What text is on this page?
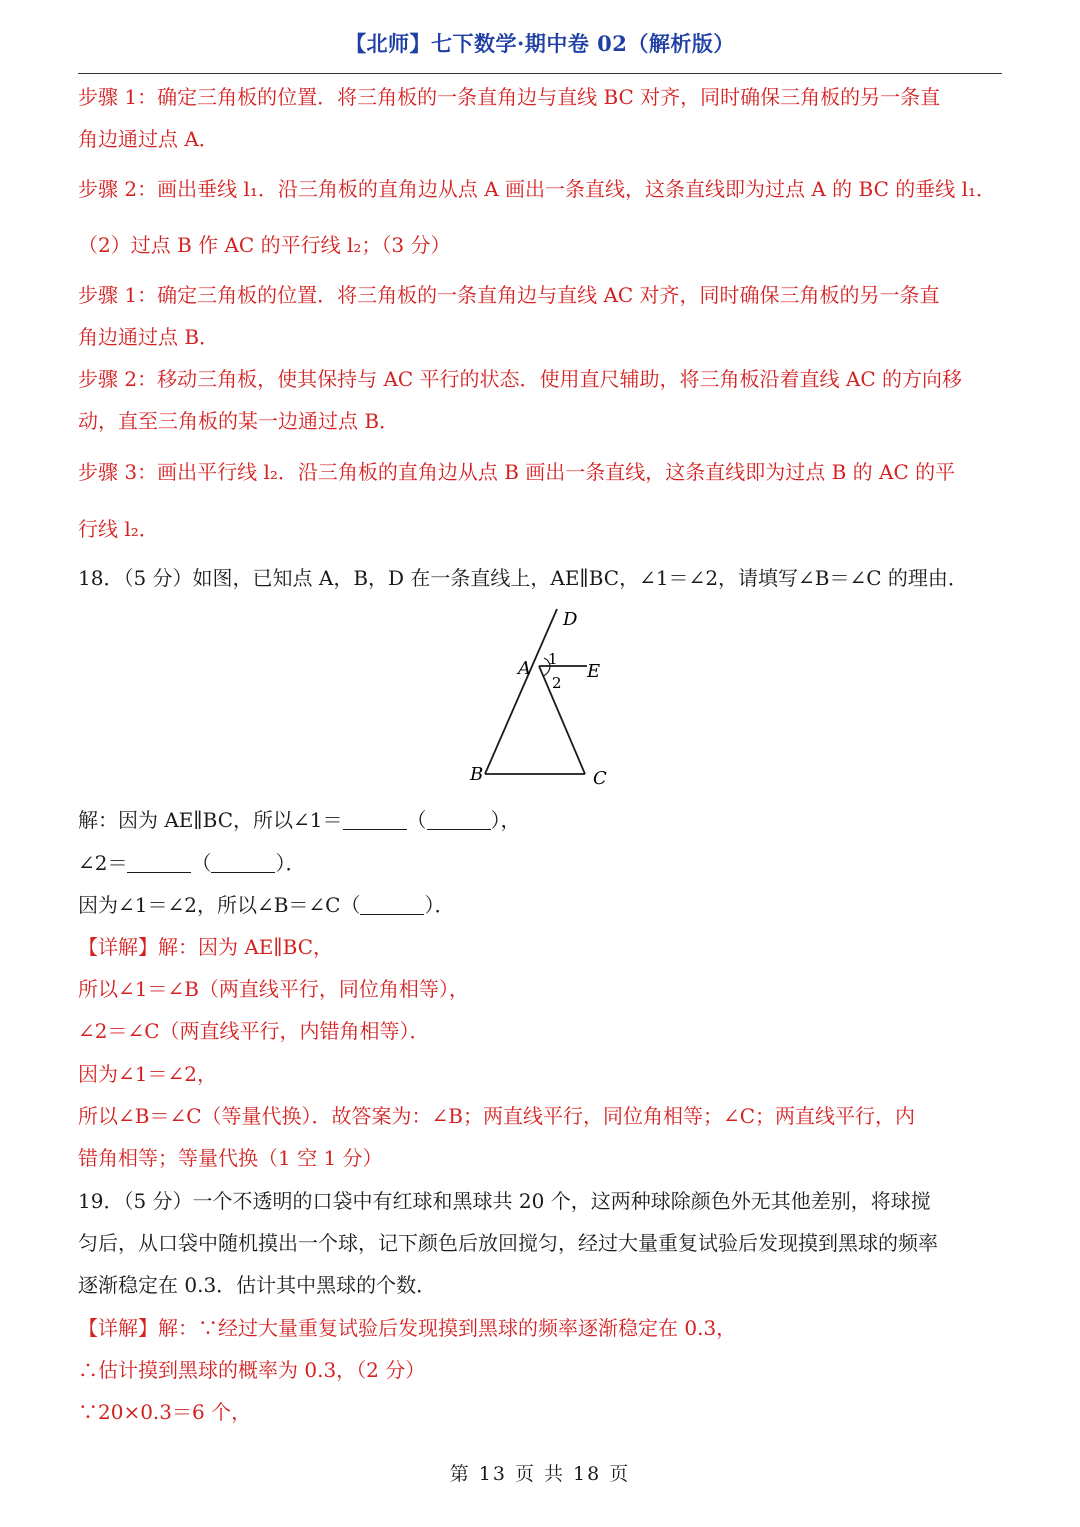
【北师】七下数学·期中卷 02（解析版）
步骤 1：确定三角板的位置．将三角板的一条直角边与直线 BC 对齐，同时确保三角板的另一条直
角边通过点 A．
步骤 2：画出垂线 l₁．沿三角板的直角边从点 A 画出一条直线，这条直线即为过点 A 的 BC 的垂线 l₁．
（2）过点 B 作 AC 的平行线 l₂；（3 分）
步骤 1：确定三角板的位置．将三角板的一条直角边与直线 AC 对齐，同时确保三角板的另一条直
角边通过点 B．
步骤 2：移动三角板，使其保持与 AC 平行的状态．使用直尺辅助，将三角板沿着直线 AC 的方向移
动，直至三角板的某一边通过点 B．
步骤 3：画出平行线 l₂．沿三角板的直角边从点 B 画出一条直线，这条直线即为过点 B 的 AC 的平
行线 l₂．
18．（5 分）如图，已知点 A，B，D 在一条直线上，AE∥BC，∠1＝∠2，请填写∠B＝∠C 的理由．
D
A	E
B	C
1
2
解：因为 AE∥BC，所以∠1＝	（	），
∠2＝	（	）．
因为∠1＝∠2，所以∠B＝∠C（	）．
【详解】解：因为 AE∥BC，
所以∠1＝∠B（两直线平行，同位角相等），
∠2＝∠C（两直线平行，内错角相等）．
因为∠1＝∠2，
所以∠B＝∠C（等量代换）．故答案为：∠B；两直线平行，同位角相等；∠C；两直线平行，内
错角相等；等量代换（1 空 1 分）
19．（5 分）一个不透明的口袋中有红球和黑球共 20 个，这两种球除颜色外无其他差别，将球搅
匀后，从口袋中随机摸出一个球，记下颜色后放回搅匀，经过大量重复试验后发现摸到黑球的频率
逐渐稳定在 0.3．估计其中黑球的个数．
【详解】解：∵经过大量重复试验后发现摸到黑球的频率逐渐稳定在 0.3，
∴估计摸到黑球的概率为 0.3，（2 分）
∵20×0.3＝6 个，
第 13 页 共 18 页
